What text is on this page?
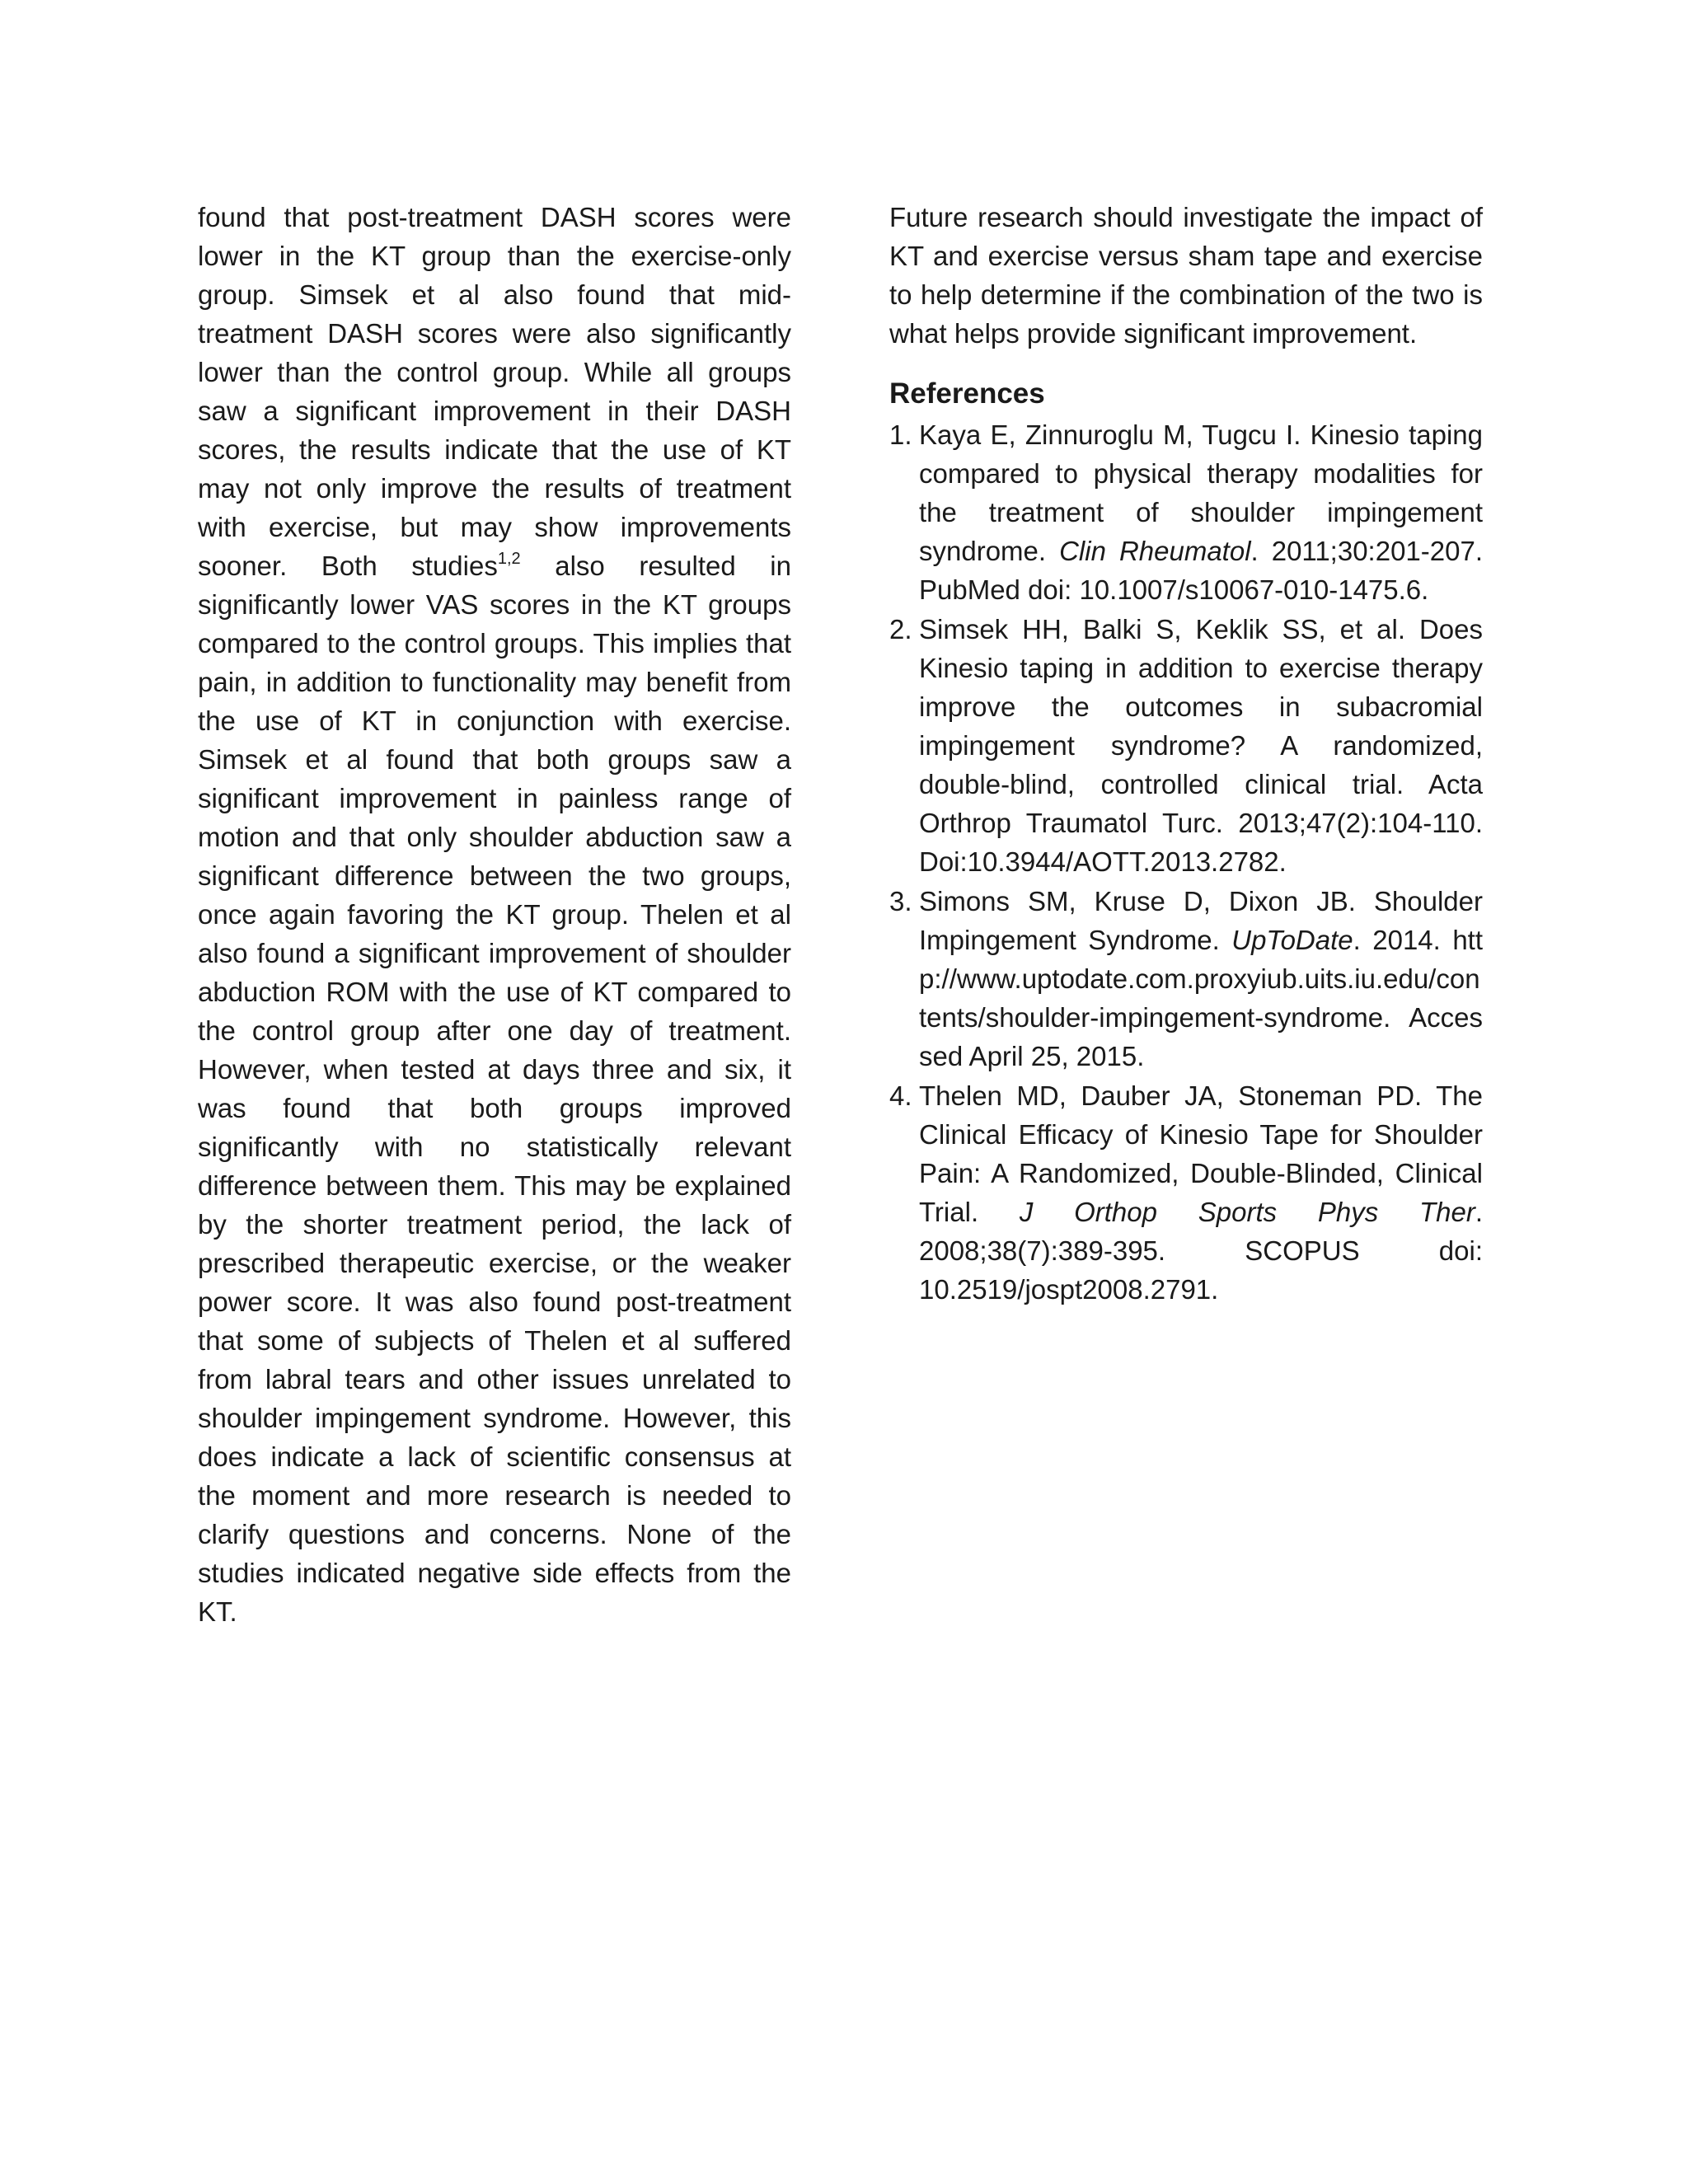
found that post-treatment DASH scores were lower in the KT group than the exercise-only group. Simsek et al also found that mid-treatment DASH scores were also significantly lower than the control group. While all groups saw a significant improvement in their DASH scores, the results indicate that the use of KT may not only improve the results of treatment with exercise, but may show improvements sooner. Both studies$^{1,2}$ also resulted in significantly lower VAS scores in the KT groups compared to the control groups. This implies that pain, in addition to functionality may benefit from the use of KT in conjunction with exercise. Simsek et al found that both groups saw a significant improvement in painless range of motion and that only shoulder abduction saw a significant difference between the two groups, once again favoring the KT group. Thelen et al also found a significant improvement of shoulder abduction ROM with the use of KT compared to the control group after one day of treatment. However, when tested at days three and six, it was found that both groups improved significantly with no statistically relevant difference between them. This may be explained by the shorter treatment period, the lack of prescribed therapeutic exercise, or the weaker power score. It was also found post-treatment that some of subjects of Thelen et al suffered from labral tears and other issues unrelated to shoulder impingement syndrome. However, this does indicate a lack of scientific consensus at the moment and more research is needed to clarify questions and concerns. None of the studies indicated negative side effects from the KT.

Future research should investigate the impact of KT and exercise versus sham tape and exercise to help determine if the combination of the two is what helps provide significant improvement.

References
1. Kaya E, Zinnuroglu M, Tugcu I. Kinesio taping compared to physical therapy modalities for the treatment of shoulder impingement syndrome. Clin Rheumatol. 2011;30:201-207. PubMed doi: 10.1007/s10067-010-1475.6.
2. Simsek HH, Balki S, Keklik SS, et al. Does Kinesio taping in addition to exercise therapy improve the outcomes in subacromial impingement syndrome? A randomized, double-blind, controlled clinical trial. Acta Orthrop Traumatol Turc. 2013;47(2):104-110. Doi:10.3944/AOTT.2013.2782.
3. Simons SM, Kruse D, Dixon JB. Shoulder Impingement Syndrome. UpToDate. 2014. http://www.uptodate.com.proxyiub.uits.iu.edu/contents/shoulder-impingement-syndrome. Accessed April 25, 2015.
4. Thelen MD, Dauber JA, Stoneman PD. The Clinical Efficacy of Kinesio Tape for Shoulder Pain: A Randomized, Double-Blinded, Clinical Trial. J Orthop Sports Phys Ther. 2008;38(7):389-395. SCOPUS doi: 10.2519/jospt2008.2791.
